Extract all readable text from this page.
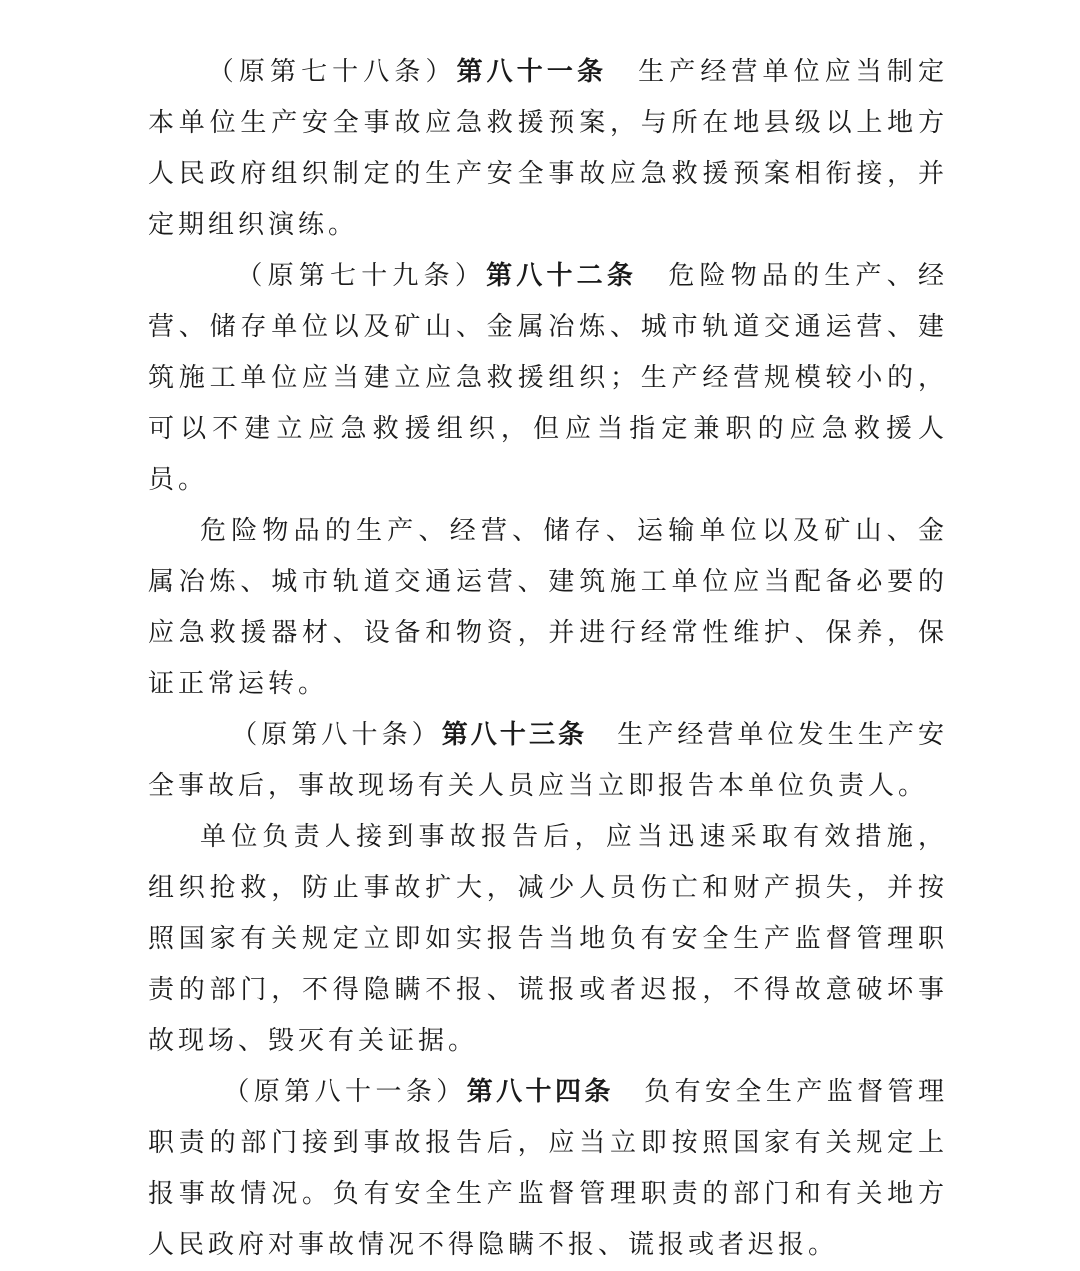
（原第七十八条）第八十一条 生产经营单位应当制定本单位生产安全事故应急救援预案，与所在地县级以上地方人民政府组织制定的生产安全事故应急救援预案相衔接，并定期组织演练。

（原第七十九条）第八十二条 危险物品的生产、经营、储存单位以及矿山、金属冶炼、城市轨道交通运营、建筑施工单位应当建立应急救援组织；生产经营规模较小的，可以不建立应急救援组织，但应当指定兼职的应急救援人员。

危险物品的生产、经营、储存、运输单位以及矿山、金属冶炼、城市轨道交通运营、建筑施工单位应当配备必要的应急救援器材、设备和物资，并进行经常性维护、保养，保证正常运转。

（原第八十条）第八十三条 生产经营单位发生生产安全事故后，事故现场有关人员应当立即报告本单位负责人。

单位负责人接到事故报告后，应当迅速采取有效措施，组织抢救，防止事故扩大，减少人员伤亡和财产损失，并按照国家有关规定立即如实报告当地负有安全生产监督管理职责的部门，不得隐瞒不报、谎报或者迟报，不得故意破坏事故现场、毁灭有关证据。

（原第八十一条）第八十四条 负有安全生产监督管理职责的部门接到事故报告后，应当立即按照国家有关规定上报事故情况。负有安全生产监督管理职责的部门和有关地方人民政府对事故情况不得隐瞒不报、谎报或者迟报。
